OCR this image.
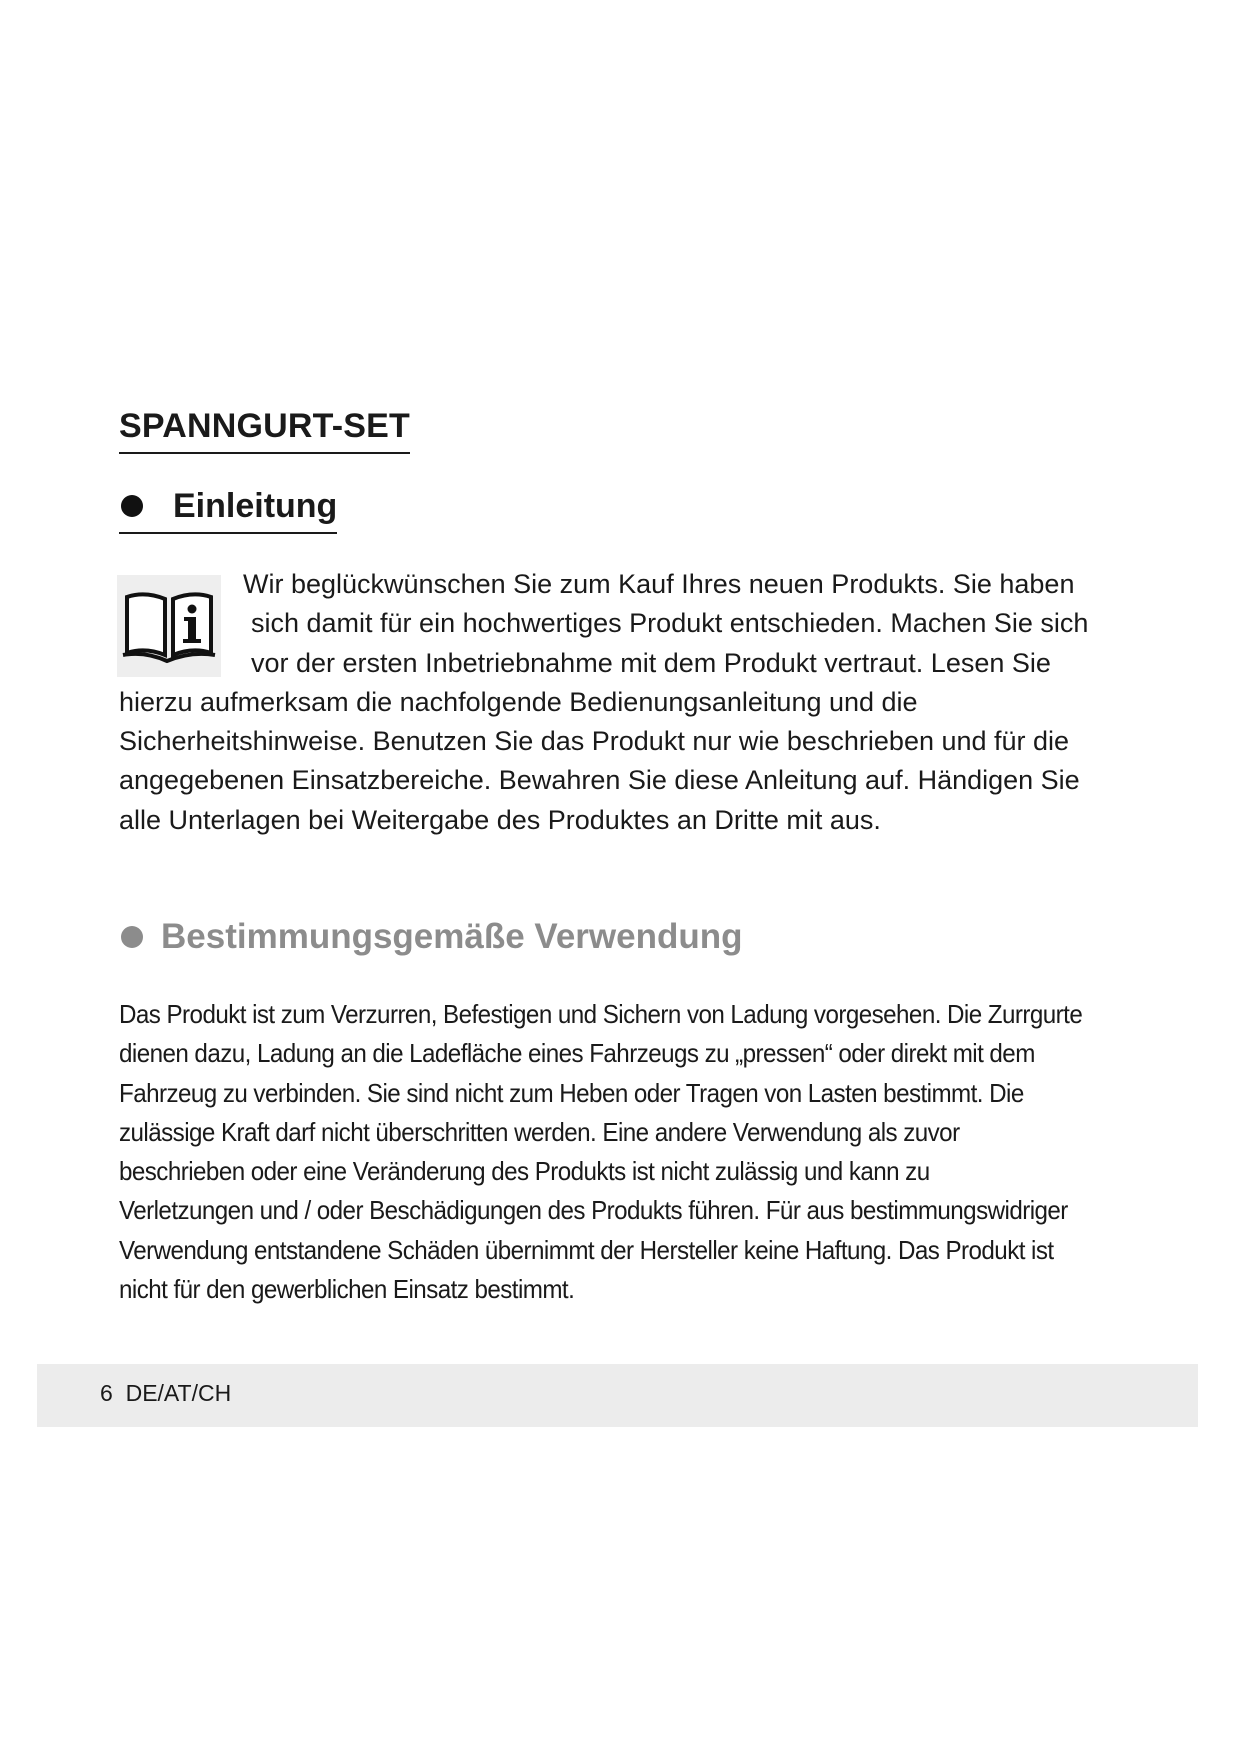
SPANNGURT-SET
Einleitung

Wir beglückwünschen Sie zum Kauf Ihres neuen Produkts. Sie haben
sich damit für ein hochwertiges Produkt entschieden. Machen Sie sich
vor der ersten Inbetriebnahme mit dem Produkt vertraut. Lesen Sie
hierzu aufmerksam die nachfolgende Bedienungsanleitung und die
Sicherheitshinweise. Benutzen Sie das Produkt nur wie beschrieben und für die
angegebenen Einsatzbereiche. Bewahren Sie diese Anleitung auf. Händigen Sie
alle Unterlagen bei Weitergabe des Produktes an Dritte mit aus.

Bestimmungsgemäße Verwendung

Das Produkt ist zum Verzurren, Befestigen und Sichern von Ladung vorgesehen. Die Zurrgurte
dienen dazu, Ladung an die Ladefläche eines Fahrzeugs zu „pressen“ oder direkt mit dem
Fahrzeug zu verbinden. Sie sind nicht zum Heben oder Tragen von Lasten bestimmt. Die
zulässige Kraft darf nicht überschritten werden. Eine andere Verwendung als zuvor
beschrieben oder eine Veränderung des Produkts ist nicht zulässig und kann zu
Verletzungen und / oder Beschädigungen des Produkts führen. Für aus bestimmungswidriger
Verwendung entstandene Schäden übernimmt der Hersteller keine Haftung. Das Produkt ist
nicht für den gewerblichen Einsatz bestimmt.

6 DE/AT/CH
